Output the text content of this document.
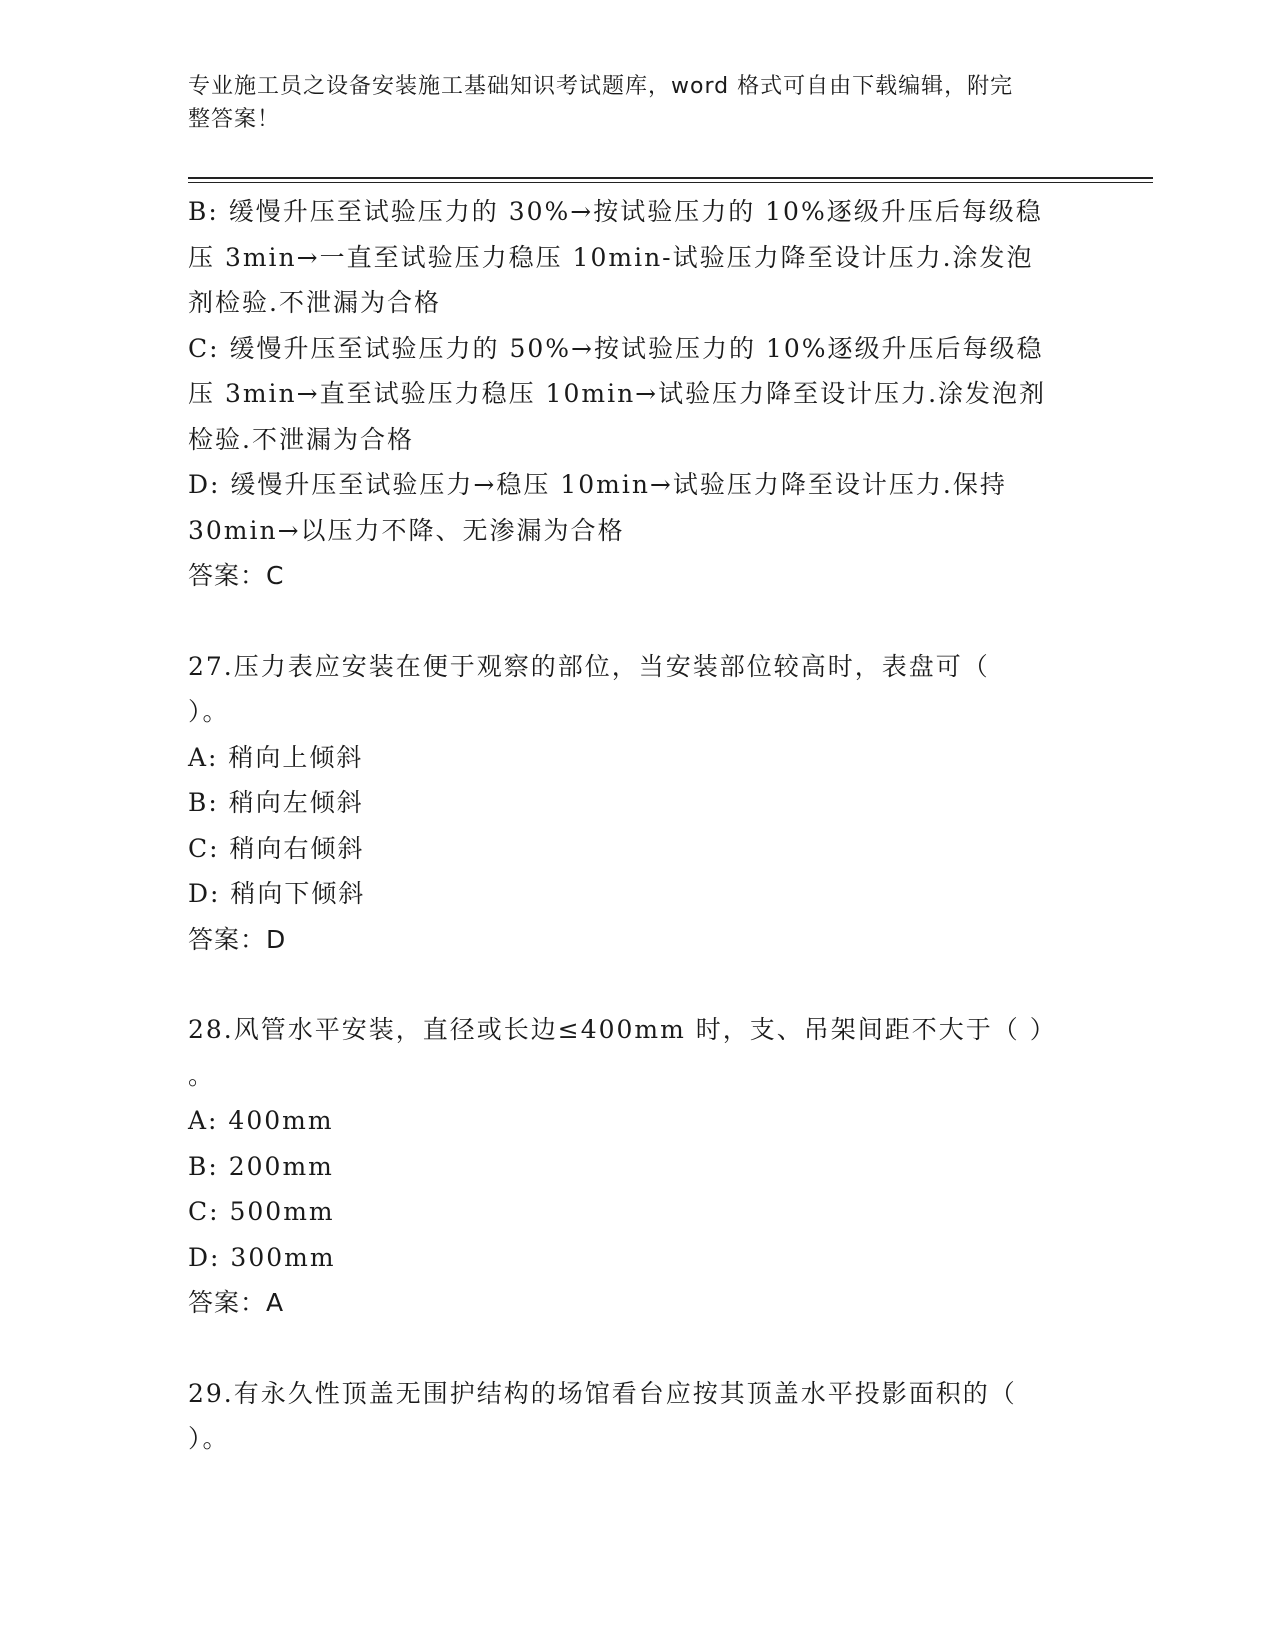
专业施工员之设备安装施工基础知识考试题库，word 格式可自由下载编辑，附完
整答案！
B: 缓慢升压至试验压力的 30%→按试验压力的 10%逐级升压后每级稳
压 3min→一直至试验压力稳压 10min-试验压力降至设计压力.涂发泡
剂检验.不泄漏为合格
C: 缓慢升压至试验压力的 50%→按试验压力的 10%逐级升压后每级稳
压 3min→直至试验压力稳压 10min→试验压力降至设计压力.涂发泡剂
检验.不泄漏为合格
D: 缓慢升压至试验压力→稳压 10min→试验压力降至设计压力.保持
30min→以压力不降、无渗漏为合格
答案：C
27.压力表应安装在便于观察的部位，当安装部位较高时，表盘可（
）。
A: 稍向上倾斜
B: 稍向左倾斜
C: 稍向右倾斜
D: 稍向下倾斜
答案：D
28.风管水平安装，直径或长边≤400mm 时，支、吊架间距不大于（ ）
。
A: 400mm
B: 200mm
C: 500mm
D: 300mm
答案：A
29.有永久性顶盖无围护结构的场馆看台应按其顶盖水平投影面积的（
）。
